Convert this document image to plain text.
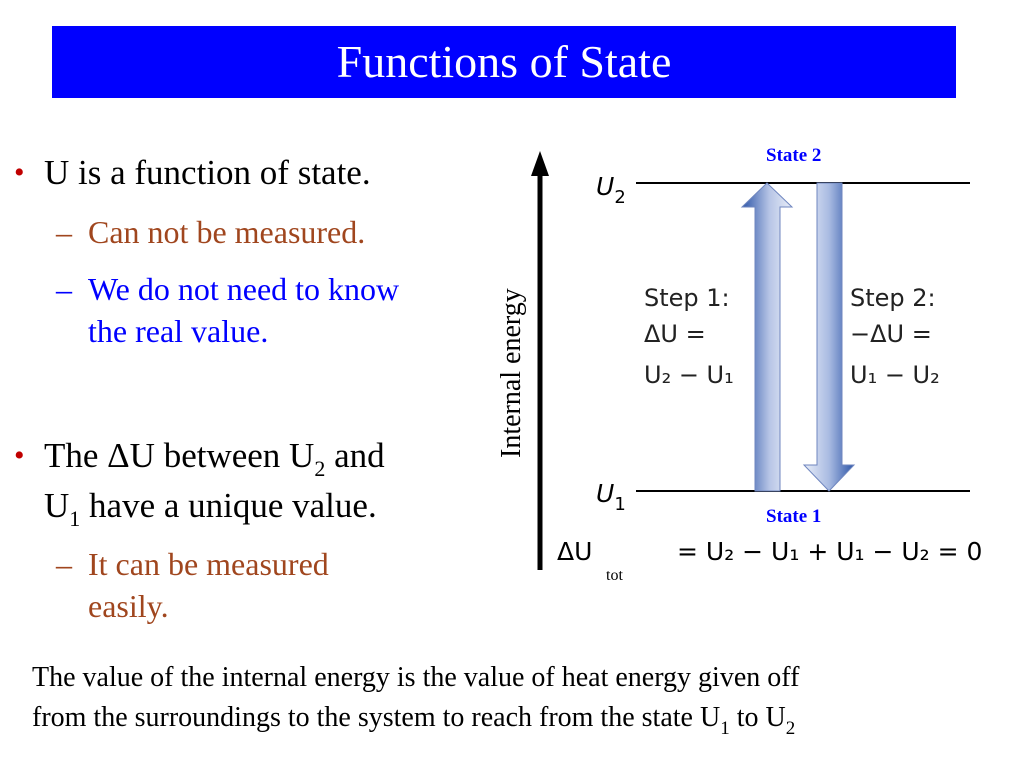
Functions of State
• U is a function of state.
– Can not be measured.
– We do not need to know
the real value.
• The ΔU between $U_2$ and
$U_1$ have a unique value.
– It can be measured
easily.
The value of the internal energy is the value of heat energy given off
from the surroundings to the system to reach from the state $U_1$ to $U_2$
Internal energy
$U_2$
$U_1$
State 2
State 1
Step 1: ΔU = U₂ − U₁
Step 2: −ΔU = U₁ − U₂
ΔU
tot
= U₂ − U₁ + U₁ − U₂ = 0
